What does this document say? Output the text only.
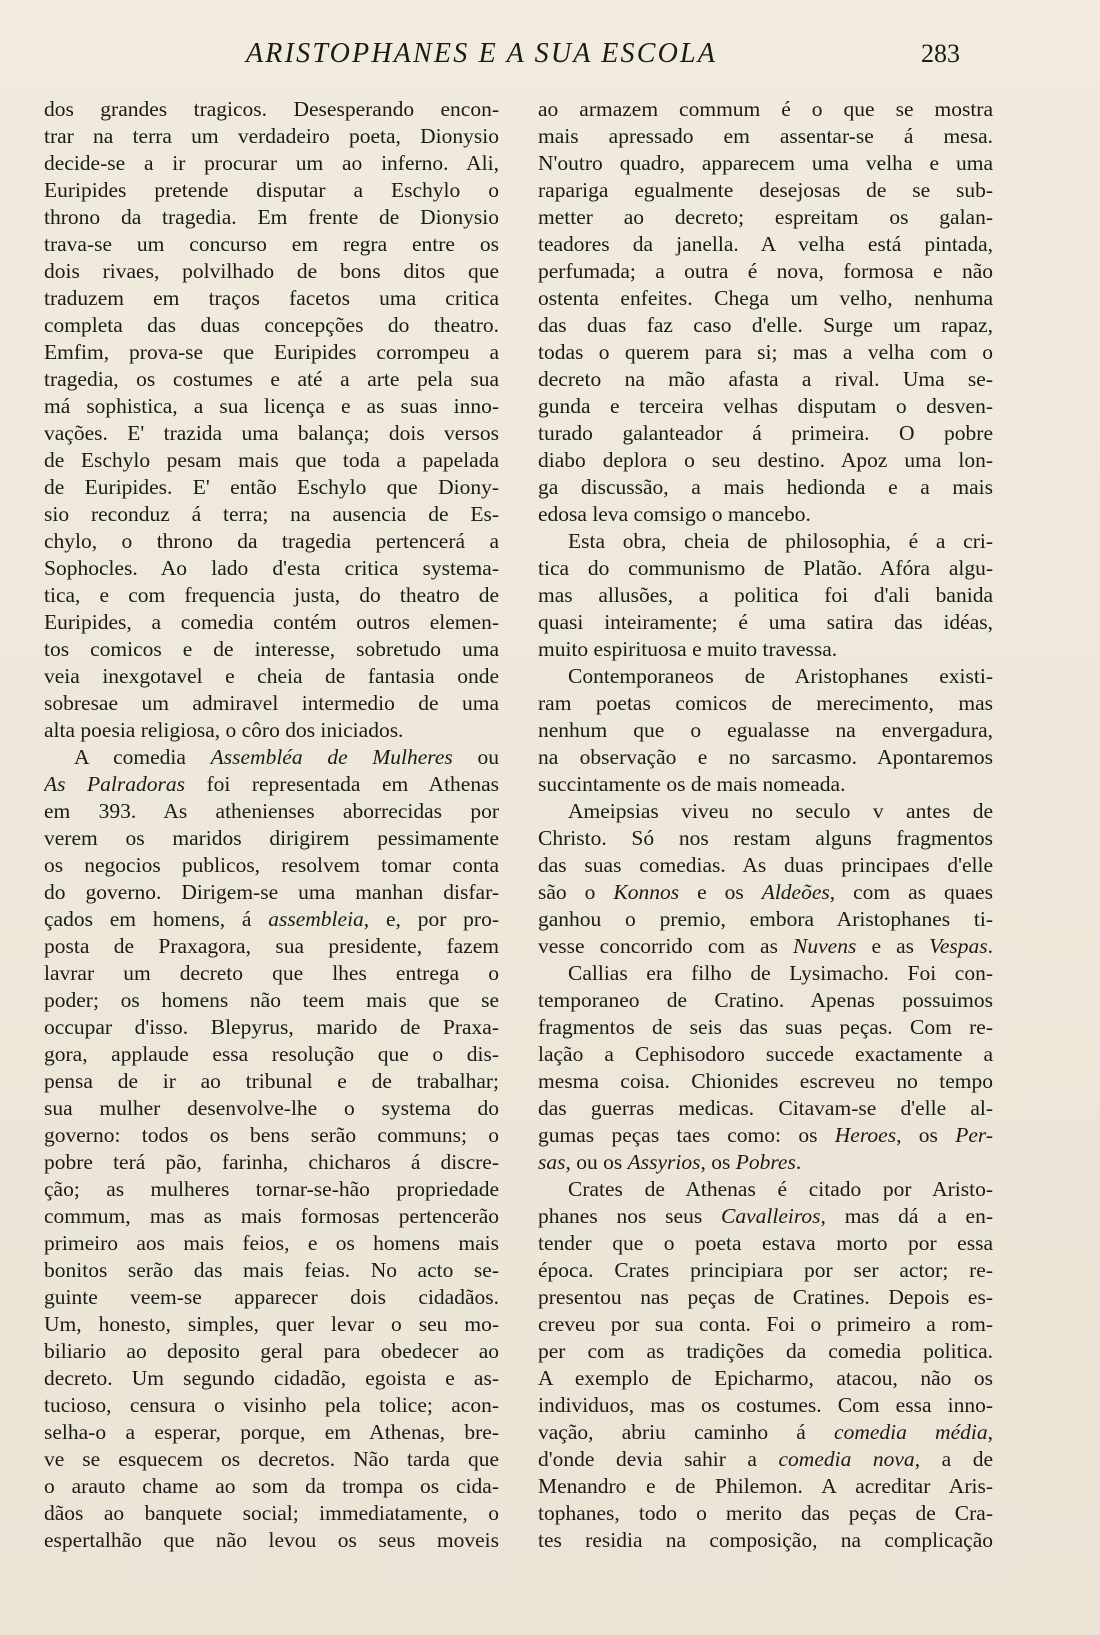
ARISTOPHANES E A SUA ESCOLA	283
dos grandes tragicos. Desesperando encon-
trar na terra um verdadeiro poeta, Dionysio
decide-se a ir procurar um ao inferno. Ali,
Euripides pretende disputar a Eschylo o
throno da tragedia. Em frente de Dionysio
trava-se um concurso em regra entre os
dois rivaes, polvilhado de bons ditos que
traduzem em traços facetos uma critica
completa das duas concepções do theatro.
Emfim, prova-se que Euripides corrompeu a
tragedia, os costumes e até a arte pela sua
má sophistica, a sua licença e as suas inno-
vações. E' trazida uma balança; dois versos
de Eschylo pesam mais que toda a papelada
de Euripides. E' então Eschylo que Diony-
sio reconduz á terra; na ausencia de Es-
chylo, o throno da tragedia pertencerá a
Sophocles. Ao lado d'esta critica systema-
tica, e com frequencia justa, do theatro de
Euripides, a comedia contém outros elemen-
tos comicos e de interesse, sobretudo uma
veia inexgotavel e cheia de fantasia onde
sobresae um admiravel intermedio de uma
alta poesia religiosa, o côro dos iniciados.
A comedia Assembléa de Mulheres ou
As Palradoras foi representada em Athenas
em 393. As athenienses aborrecidas por
verem os maridos dirigirem pessimamente
os negocios publicos, resolvem tomar conta
do governo. Dirigem-se uma manhan disfar-
çados em homens, á assembleia, e, por pro-
posta de Praxagora, sua presidente, fazem
lavrar um decreto que lhes entrega o
poder; os homens não teem mais que se
occupar d'isso. Blepyrus, marido de Praxa-
gora, applaude essa resolução que o dis-
pensa de ir ao tribunal e de trabalhar;
sua mulher desenvolve-lhe o systema do
governo: todos os bens serão communs; o
pobre terá pão, farinha, chicharos á discre-
ção; as mulheres tornar-se-hão propriedade
commum, mas as mais formosas pertencerão
primeiro aos mais feios, e os homens mais
bonitos serão das mais feias. No acto se-
guinte veem-se apparecer dois cidadãos.
Um, honesto, simples, quer levar o seu mo-
biliario ao deposito geral para obedecer ao
decreto. Um segundo cidadão, egoista e as-
tucioso, censura o visinho pela tolice; acon-
selha-o a esperar, porque, em Athenas, bre-
ve se esquecem os decretos. Não tarda que
o arauto chame ao som da trompa os cida-
dãos ao banquete social; immediatamente, o
espertalhão que não levou os seus moveis
ao armazem commum é o que se mostra
mais apressado em assentar-se á mesa.
N'outro quadro, apparecem uma velha e uma
rapariga egualmente desejosas de se sub-
metter ao decreto; espreitam os galan-
teadores da janella. A velha está pintada,
perfumada; a outra é nova, formosa e não
ostenta enfeites. Chega um velho, nenhuma
das duas faz caso d'elle. Surge um rapaz,
todas o querem para si; mas a velha com o
decreto na mão afasta a rival. Uma se-
gunda e terceira velhas disputam o desven-
turado galanteador á primeira. O pobre
diabo deplora o seu destino. Apoz uma lon-
ga discussão, a mais hedionda e a mais
edosa leva comsigo o mancebo.
Esta obra, cheia de philosophia, é a cri-
tica do communismo de Platão. Afóra algu-
mas allusões, a politica foi d'ali banida
quasi inteiramente; é uma satira das idéas,
muito espirituosa e muito travessa.
Contemporaneos de Aristophanes existi-
ram poetas comicos de merecimento, mas
nenhum que o egualasse na envergadura,
na observação e no sarcasmo. Apontaremos
succintamente os de mais nomeada.
Ameipsias viveu no seculo v antes de
Christo. Só nos restam alguns fragmentos
das suas comedias. As duas principaes d'elle
são o Konnos e os Aldeões, com as quaes
ganhou o premio, embora Aristophanes ti-
vesse concorrido com as Nuvens e as Vespas.
Callias era filho de Lysimacho. Foi con-
temporaneo de Cratino. Apenas possuimos
fragmentos de seis das suas peças. Com re-
lação a Cephisodoro succede exactamente a
mesma coisa. Chionides escreveu no tempo
das guerras medicas. Citavam-se d'elle al-
gumas peças taes como: os Heroes, os Per-
sas, ou os Assyrios, os Pobres.
Crates de Athenas é citado por Aristo-
phanes nos seus Cavalleiros, mas dá a en-
tender que o poeta estava morto por essa
época. Crates principiara por ser actor; re-
presentou nas peças de Cratines. Depois es-
creveu por sua conta. Foi o primeiro a rom-
per com as tradições da comedia politica.
A exemplo de Epicharmo, atacou, não os
individuos, mas os costumes. Com essa inno-
vação, abriu caminho á comedia média,
d'onde devia sahir a comedia nova, a de
Menandro e de Philemon. A acreditar Aris-
tophanes, todo o merito das peças de Cra-
tes residia na composição, na complicação
